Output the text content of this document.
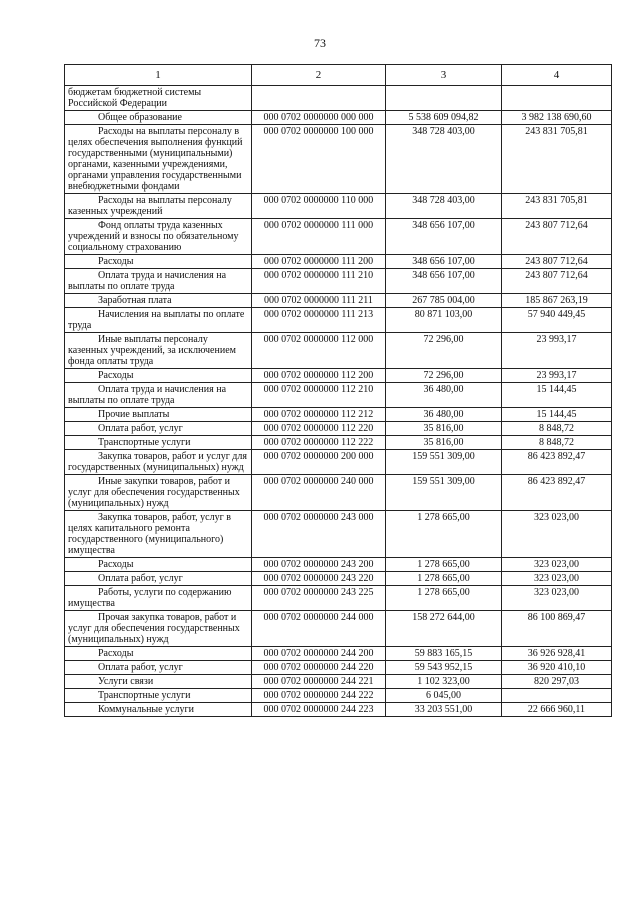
73
1	2	3	4
бюджетам бюджетной системы Российской Федерации			

Общее образование	000 0702 0000000 000 000	5 538 609 094,82	3 982 138 690,60

Расходы на выплаты персоналу в целях обеспечения выполнения функций государственными (муниципальными) органами, казенными учреждениями, органами управления государственными внебюджетными фондами	000 0702 0000000 100 000	348 728 403,00	243 831 705,81

Расходы на выплаты персоналу казенных учреждений	000 0702 0000000 110 000	348 728 403,00	243 831 705,81

Фонд оплаты труда казенных учреждений и взносы по обязательному социальному страхованию	000 0702 0000000 111 000	348 656 107,00	243 807 712,64

Расходы	000 0702 0000000 111 200	348 656 107,00	243 807 712,64

Оплата труда и начисления на выплаты по оплате труда	000 0702 0000000 111 210	348 656 107,00	243 807 712,64

Заработная плата	000 0702 0000000 111 211	267 785 004,00	185 867 263,19

Начисления на выплаты по оплате труда	000 0702 0000000 111 213	80 871 103,00	57 940 449,45

Иные выплаты персоналу казенных учреждений, за исключением фонда оплаты труда	000 0702 0000000 112 000	72 296,00	23 993,17

Расходы	000 0702 0000000 112 200	72 296,00	23 993,17

Оплата труда и начисления на выплаты по оплате труда	000 0702 0000000 112 210	36 480,00	15 144,45

Прочие выплаты	000 0702 0000000 112 212	36 480,00	15 144,45

Оплата работ, услуг	000 0702 0000000 112 220	35 816,00	8 848,72

Транспортные услуги	000 0702 0000000 112 222	35 816,00	8 848,72

Закупка товаров, работ и услуг для государственных (муниципальных) нужд	000 0702 0000000 200 000	159 551 309,00	86 423 892,47

Иные закупки товаров, работ и услуг для обеспечения государственных (муниципальных) нужд	000 0702 0000000 240 000	159 551 309,00	86 423 892,47

Закупка товаров, работ, услуг в целях капитального ремонта государственного (муниципального) имущества	000 0702 0000000 243 000	1 278 665,00	323 023,00

Расходы	000 0702 0000000 243 200	1 278 665,00	323 023,00

Оплата работ, услуг	000 0702 0000000 243 220	1 278 665,00	323 023,00

Работы, услуги по содержанию имущества	000 0702 0000000 243 225	1 278 665,00	323 023,00

Прочая закупка товаров, работ и услуг для обеспечения государственных (муниципальных) нужд	000 0702 0000000 244 000	158 272 644,00	86 100 869,47

Расходы	000 0702 0000000 244 200	59 883 165,15	36 926 928,41

Оплата работ, услуг	000 0702 0000000 244 220	59 543 952,15	36 920 410,10

Услуги связи	000 0702 0000000 244 221	1 102 323,00	820 297,03

Транспортные услуги	000 0702 0000000 244 222	6 045,00	

Коммунальные услуги	000 0702 0000000 244 223	33 203 551,00	22 666 960,11
